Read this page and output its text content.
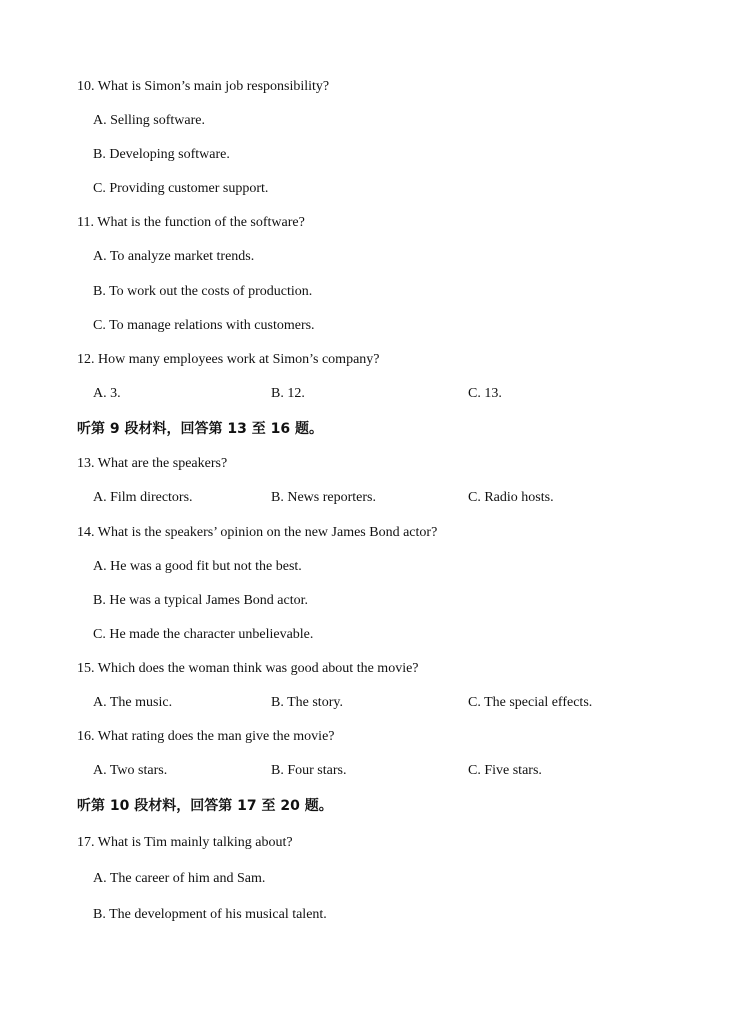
10. What is Simon’s main job responsibility?
A. Selling software.
B. Developing software.
C. Providing customer support.
11. What is the function of the software?
A. To analyze market trends.
B. To work out the costs of production.
C. To manage relations with customers.
12. How many employees work at Simon’s company?
A. 3.	B. 12.	C. 13.
听第 9 段材料，回答第 13 至 16 题。
13. What are the speakers?
A. Film directors.	B. News reporters.	C. Radio hosts.
14. What is the speakers’ opinion on the new James Bond actor?
A. He was a good fit but not the best.
B. He was a typical James Bond actor.
C. He made the character unbelievable.
15. Which does the woman think was good about the movie?
A. The music.	B. The story.	C. The special effects.
16. What rating does the man give the movie?
A. Two stars.	B. Four stars.	C. Five stars.
听第 10 段材料，回答第 17 至 20 题。
17. What is Tim mainly talking about?
A. The career of him and Sam.
B. The development of his musical talent.
